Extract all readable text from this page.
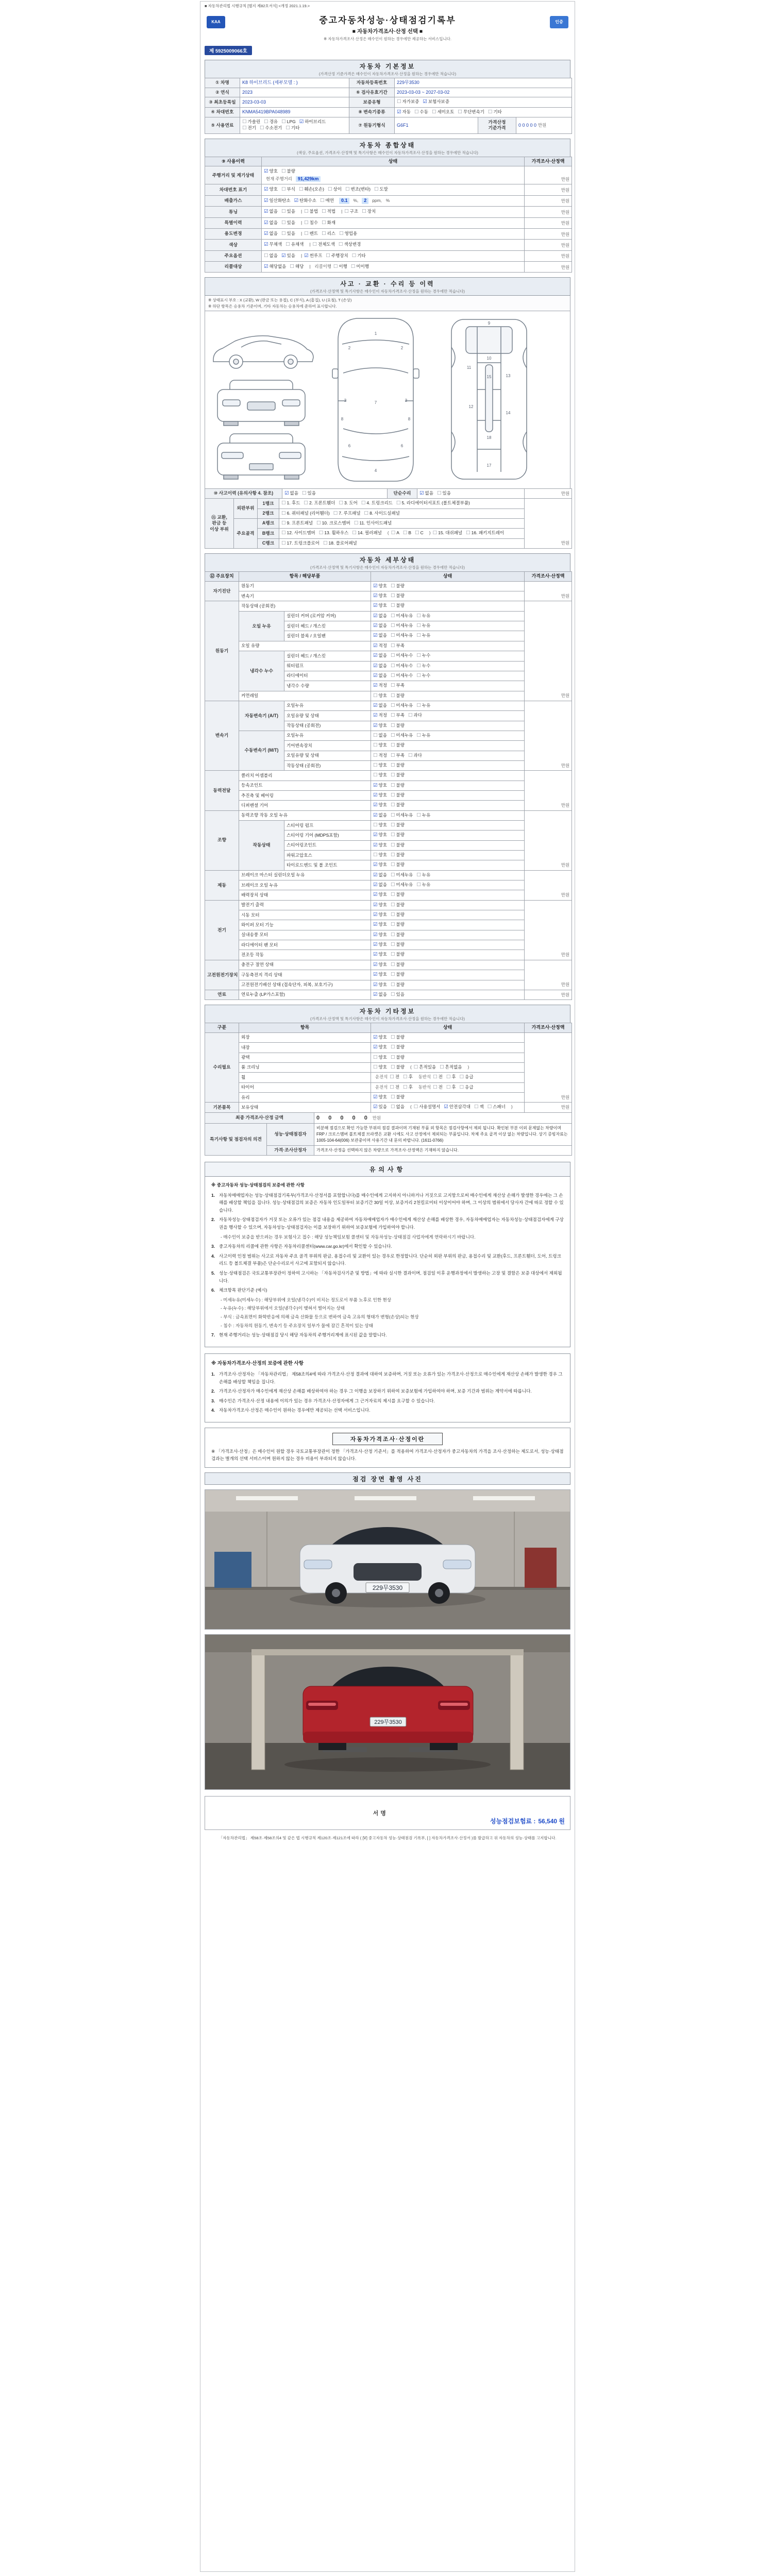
■ 자동차관리법 시행규칙 [별지 제82호서식] <개정 2021.1.19.>
KAA	중고자동차성능·상태점검기록부
■ 자동차가격조사·산정 선택 ■
※ 자동차가격조사·산정은 매수인이 원하는 경우에만 제공하는 서비스입니다.
인증
제 5925009066호
자동차 기본정보
(가격산정 기준가격은 매수인이 자동차가격조사·산정을 원하는 경우에만 적습니다)
① 차명	K8 하이브리드 (세부모델 : )	자동차등록번호	229무3530		
② 연식	2023	⑥ 검사유효기간	2023-03-03 ~ 2027-03-02		
③ 최초등록일	2023-03-03	보증유형	☐ 자가보증 ☑ 보험사보증		
④ 차대번호	KNMA5419BPA048989	⑧ 변속기종류	☑ 자동 ☐ 수동 ☐ 세미오토 ☐ 무단변속기 ☐ 기타		
⑤ 사용연료	☐ 가솔린 ☐ 경유 ☐ LPG ☑ 하이브리드☐ 전기 ☐ 수소전기 ☐ 기타	⑦ 원동기형식	G6F1	가격산정 기준가격	0 0 0 0 0 만원
자동차 종합상태
(색상, 주요옵션, 가격조사·산정액 및 특기사항은 매수인이 자동차가격조사·산정을 원하는 경우에만 적습니다)
⑨ 사용이력	상태	가격조사·산정액
주행거리 및 계기상태	☑ 양호 ☐ 불량
현재 주행거리 91,429km	만원
차대번호 표기	☑ 양호 ☐ 부식 ☐ 훼손(오손) ☐ 상이 ☐ 변조(변타) ☐ 도말	만원
배출가스	☑ 일산화탄소 ☑ 탄화수소 ☐ 매연 0.1 %, 2 ppm, %	만원
튜닝	☑ 없음 ☐ 있음 | ☐ 불법 ☐ 적법 | ☐ 구조 ☐ 장치	만원
특별이력	☑ 없음 ☐ 있음 | ☐ 침수 ☐ 화재	만원
용도변경	☑ 없음 ☐ 있음 | ☐ 렌트 ☐ 리스 ☐ 영업용	만원
색상	☑ 무채색 ☐ 유채색 | ☐ 전체도색 ☐ 색상변경	만원
주요옵션	☐ 없음 ☑ 있음 | ☑ 썬루프 ☐ 주행장치 ☐ 기타	만원
리콜대상	☑ 해당없음 ☐ 해당 | 리콜이행 ☐ 이행 ☐ 미이행	만원
사고 · 교환 · 수리 등 이력
(가격조사·산정액 및 특기사항은 매수인이 자동차가격조사·산정을 원하는 경우에만 적습니다)
※ 상태표시 부호 : X (교환), W (판금 또는 용접), C (부식), A (흠집), U (요철), T (손상)
※ 하단 항목은 승용차 기준이며, 기타 자동차는 승용차에 준하여 표시합니다.
1
2	2
3	3
4
6	6
7
8	8
9
10
11
12
13
14
15
17
18
⑩ 사고이력 (유의사항 4. 참조)	☑ 없음 ☐ 있음	단순수리	☑ 없음 ☐ 있음	만원
⑪ 교환, 판금 등 이상 부위	외판부위	1랭크	☐ 1. 후드 ☐ 2. 프론트휀더 ☐ 3. 도어 ☐ 4. 트렁크리드 ☐ 5. 라디에이터서포트 (볼트체결부품)	만원
		2랭크	☐ 6. 쿼터패널 (리어휀더) ☐ 7. 루프패널 ☐ 8. 사이드실패널	
	주요골격	A랭크	☐ 9. 프론트패널 ☐ 10. 크로스멤버 ☐ 11. 인사이드패널	
		B랭크	☐ 12. 사이드멤버 ☐ 13. 휠하우스 ☐ 14. 필러패널 ( ☐ A ☐ B ☐ C ) ☐ 15. 대쉬패널 ☐ 16. 패키지트레이	
		C랭크	☐ 17. 트렁크플로어 ☐ 18. 플로어패널	
자동차 세부상태
(가격조사·산정액 및 특기사항은 매수인이 자동차가격조사·산정을 원하는 경우에만 적습니다)
⑫ 주요장치	항목 / 해당부품		상태	가격조사·산정액
자기진단	원동기		☑ 양호 ☐ 불량	만원
	변속기		☑ 양호 ☐ 불량	
원동기	작동상태 (공회전)		☑ 양호 ☐ 불량	만원
	오일 누유	실린더 커버 (로커암 커버)	☑ 없음 ☐ 미세누유 ☐ 누유	
		실린더 헤드 / 개스킷	☑ 없음 ☐ 미세누유 ☐ 누유	
		실린더 블록 / 오일팬	☑ 없음 ☐ 미세누유 ☐ 누유	
	오일 유량		☑ 적정 ☐ 부족	
	냉각수 누수	실린더 헤드 / 개스킷	☑ 없음 ☐ 미세누수 ☐ 누수	
		워터펌프	☑ 없음 ☐ 미세누수 ☐ 누수	
		라디에이터	☑ 없음 ☐ 미세누수 ☐ 누수	
		냉각수 수량	☑ 적정 ☐ 부족	
	커먼레일		☐ 양호 ☐ 불량	
변속기	자동변속기 (A/T)	오일누유	☑ 없음 ☐ 미세누유 ☐ 누유	만원
		오일유량 및 상태	☑ 적정 ☐ 부족 ☐ 과다	
		작동상태 (공회전)	☑ 양호 ☐ 불량	
	수동변속기 (M/T)	오일누유	☐ 없음 ☐ 미세누유 ☐ 누유	
		기어변속장치	☐ 양호 ☐ 불량	
		오일유량 및 상태	☐ 적정 ☐ 부족 ☐ 과다	
		작동상태 (공회전)	☐ 양호 ☐ 불량	
동력전달	클러치 어셈블리		☐ 양호 ☐ 불량	만원
	등속조인트		☑ 양호 ☐ 불량	
	추진축 및 베어링		☑ 양호 ☐ 불량	
	디퍼렌셜 기어		☑ 양호 ☐ 불량	
조향	동력조향 작동 오일 누유		☑ 없음 ☐ 미세누유 ☐ 누유	만원
	작동상태	스티어링 펌프	☐ 양호 ☐ 불량	
		스티어링 기어 (MDPS포함)	☑ 양호 ☐ 불량	
		스티어링조인트	☑ 양호 ☐ 불량	
		파워고압호스	☐ 양호 ☐ 불량	
		타이로드엔드 및 볼 조인트	☑ 양호 ☐ 불량	
제동	브레이크 마스터 실린더오일 누유		☑ 없음 ☐ 미세누유 ☐ 누유	만원
	브레이크 오일 누유		☑ 없음 ☐ 미세누유 ☐ 누유	
	배력장치 상태		☑ 양호 ☐ 불량	
전기	발전기 출력		☑ 양호 ☐ 불량	만원
	시동 모터		☑ 양호 ☐ 불량	
	와이퍼 모터 기능		☑ 양호 ☐ 불량	
	실내송풍 모터		☑ 양호 ☐ 불량	
	라디에이터 팬 모터		☑ 양호 ☐ 불량	
	전조등 작동		☑ 양호 ☐ 불량	
고전원전기장치	충전구 절연 상태		☑ 양호 ☐ 불량	만원
	구동축전지 격리 상태		☑ 양호 ☐ 불량	
	고전원전기배선 상태 (접속단자, 피복, 보호기구)		☑ 양호 ☐ 불량	
연료	연료누출 (LP가스포함)		☑ 없음 ☐ 있음	만원
자동차 기타정보
(가격조사·산정액 및 특기사항은 매수인이 자동차가격조사·산정을 원하는 경우에만 적습니다)
구분	항목	상태	가격조사·산정액
수리필요	외장	☑ 양호 ☐ 불량	만원
	내장	☑ 양호 ☐ 불량	
	광택	☐ 양호 ☐ 불량	
	룸 크리닝	☐ 양호 ☐ 불량 ( ☐ 흔적있음 ☐ 흔적없음 )	
	휠	운전석 ☐ 전 ☐ 후 동반석 ☐ 전 ☐ 후 ☐ 응급	
	타이어	운전석 ☐ 전 ☐ 후 동반석 ☐ 전 ☐ 후 ☐ 응급	
	유리	☑ 양호 ☐ 불량	
기본품목	보유상태	☑ 있음 ☐ 없음 ( ☐ 사용설명서 ☑ 안전삼각대 ☐ 잭 ☐ 스패너 )	만원
최종 가격조사·산정 금액		0 0 0 0 0 만원
특기사항 및 점검자의 의견	성능·상태점검자	비분해 점검으로 확인 가능한 부위의 점검 결과이며 기재된 부품 외 항목은 점검사항에서 제외 됩니다. 확인된 부분 이외 문제없는 차량이며 FRP / 크로스멤버 볼트체결 브라켓은 교환 시에도 사고 산정에서 제외되는 부품입니다. 차체 주요 골격 이상 없는 차량입니다. 상기 증빙자료는 1005-104-64(006) 보관중이며 사용기간 내 문의 바랍니다. (1611-0766)
	가격·조사산정자	가격조사·산정을 선택하지 않은 차량으로 가격조사·산정액은 기재하지 않습니다.
유의사항
※ 중고자동차 성능·상태점검의 보증에 관한 사항
1. 자동차매매업자는 성능·상태점검기록부(가격조사·산정서를 포함합니다)를 매수인에게 고지하지 아니하거나 거짓으로 고지함으로써 매수인에게 재산상 손해가 발생한 경우에는 그 손해를 배상할 책임을 집니다. 성능·상태점검의 보증은 자동차 인도일부터 보증기간 30일 이상, 보증거리 2천킬로미터 이상이어야 하며, 그 이상의 범위에서 당사자 간에 따로 정할 수 있습니다.
2. 자동차성능·상태점검자가 거짓 또는 오류가 있는 점검 내용을 제공하여 자동차매매업자가 매수인에게 재산상 손해를 배상한 경우, 자동차매매업자는 자동차성능·상태점검자에게 구상권을 행사할 수 있으며, 자동차성능·상태점검자는 이를 보장하기 위하여 보증보험에 가입하여야 합니다.
- 매수인이 보증을 받으려는 경우 보험사고 접수 : 해당 성능책임보험 콜센터 및 자동차성능·상태점검 사업자에게 연락하시기 바랍니다.
3. 중고자동차의 리콜에 관한 사항은 자동차리콜센터(www.car.go.kr)에서 확인할 수 있습니다.
4. 사고이력 인정 범위는 사고로 자동차 주요 골격 부위의 판금, 용접수리 및 교환이 있는 경우로 한정합니다. 단순히 외판 부위의 판금, 용접수리 및 교환(후드, 프론트휀더, 도어, 트렁크리드 등 볼트체결 부품)은 단순수리로서 사고에 포함되지 않습니다.
5. 성능·상태점검은 국토교통부장관이 정하여 고시하는 「자동차검사기준 및 방법」에 따라 실시한 결과이며, 점검일 이후 운행과정에서 발생하는 고장 및 결함은 보증 대상에서 제외됩니다.
6. 체크항목 판단기준 (예시)
- 미세누유(미세누수) : 해당부위에 오일(냉각수)이 비치는 정도로서 부품 노후로 인한 현상
- 누유(누수) : 해당부위에서 오일(냉각수)이 맺혀서 떨어지는 상태
- 부식 : 금속표면이 화학반응에 의해 금속 산화물 등으로 변하여 금속 고유의 형태가 변형(손상)되는 현상
- 침수 : 자동차의 원동기, 변속기 등 주요장치 일부가 물에 잠긴 흔적이 있는 상태
7. 현재 주행거리는 성능·상태점검 당시 해당 자동차의 주행거리계에 표시된 값을 말합니다.
※ 자동차가격조사·산정의 보증에 관한 사항
1. 가격조사·산정자는 「자동차관리법」 제58조의4에 따라 가격조사·산정 결과에 대하여 보증하며, 거짓 또는 오류가 있는 가격조사·산정으로 매수인에게 재산상 손해가 발생한 경우 그 손해를 배상할 책임을 집니다.
2. 가격조사·산정자가 매수인에게 재산상 손해를 배상하여야 하는 경우 그 이행을 보장하기 위하여 보증보험에 가입하여야 하며, 보증 기간과 범위는 계약서에 따릅니다.
3. 매수인은 가격조사·산정 내용에 이의가 있는 경우 가격조사·산정자에게 그 근거자료의 제시를 요구할 수 있습니다.
4. 자동차가격조사·산정은 매수인이 원하는 경우에만 제공되는 선택 서비스입니다.
자동차가격조사·산정이란
※ 「가격조사·산정」은 매수인이 원할 경우 국토교통부장관이 정한 「가격조사·산정 기준서」를 적용하여 가격조사·산정자가 중고자동차의 가격을 조사·산정하는 제도로서, 성능·상태점검과는 별개의 선택 서비스이며 원하지 않는 경우 비용이 부과되지 않습니다.
점검 장면 촬영 사진
229무3530
229무3530
서명
성능점검보험료 : 56,540 원
「자동차관리법」 제58조·제58조의4 및 같은 법 시행규칙 제120조·제121조에 따라 ( [Ⅴ] 중고자동차 성능·상태점검 기록부, [ ] 자동차가격조사·산정서 )를 발급하고 위 자동차의 성능·상태를 고지합니다.
